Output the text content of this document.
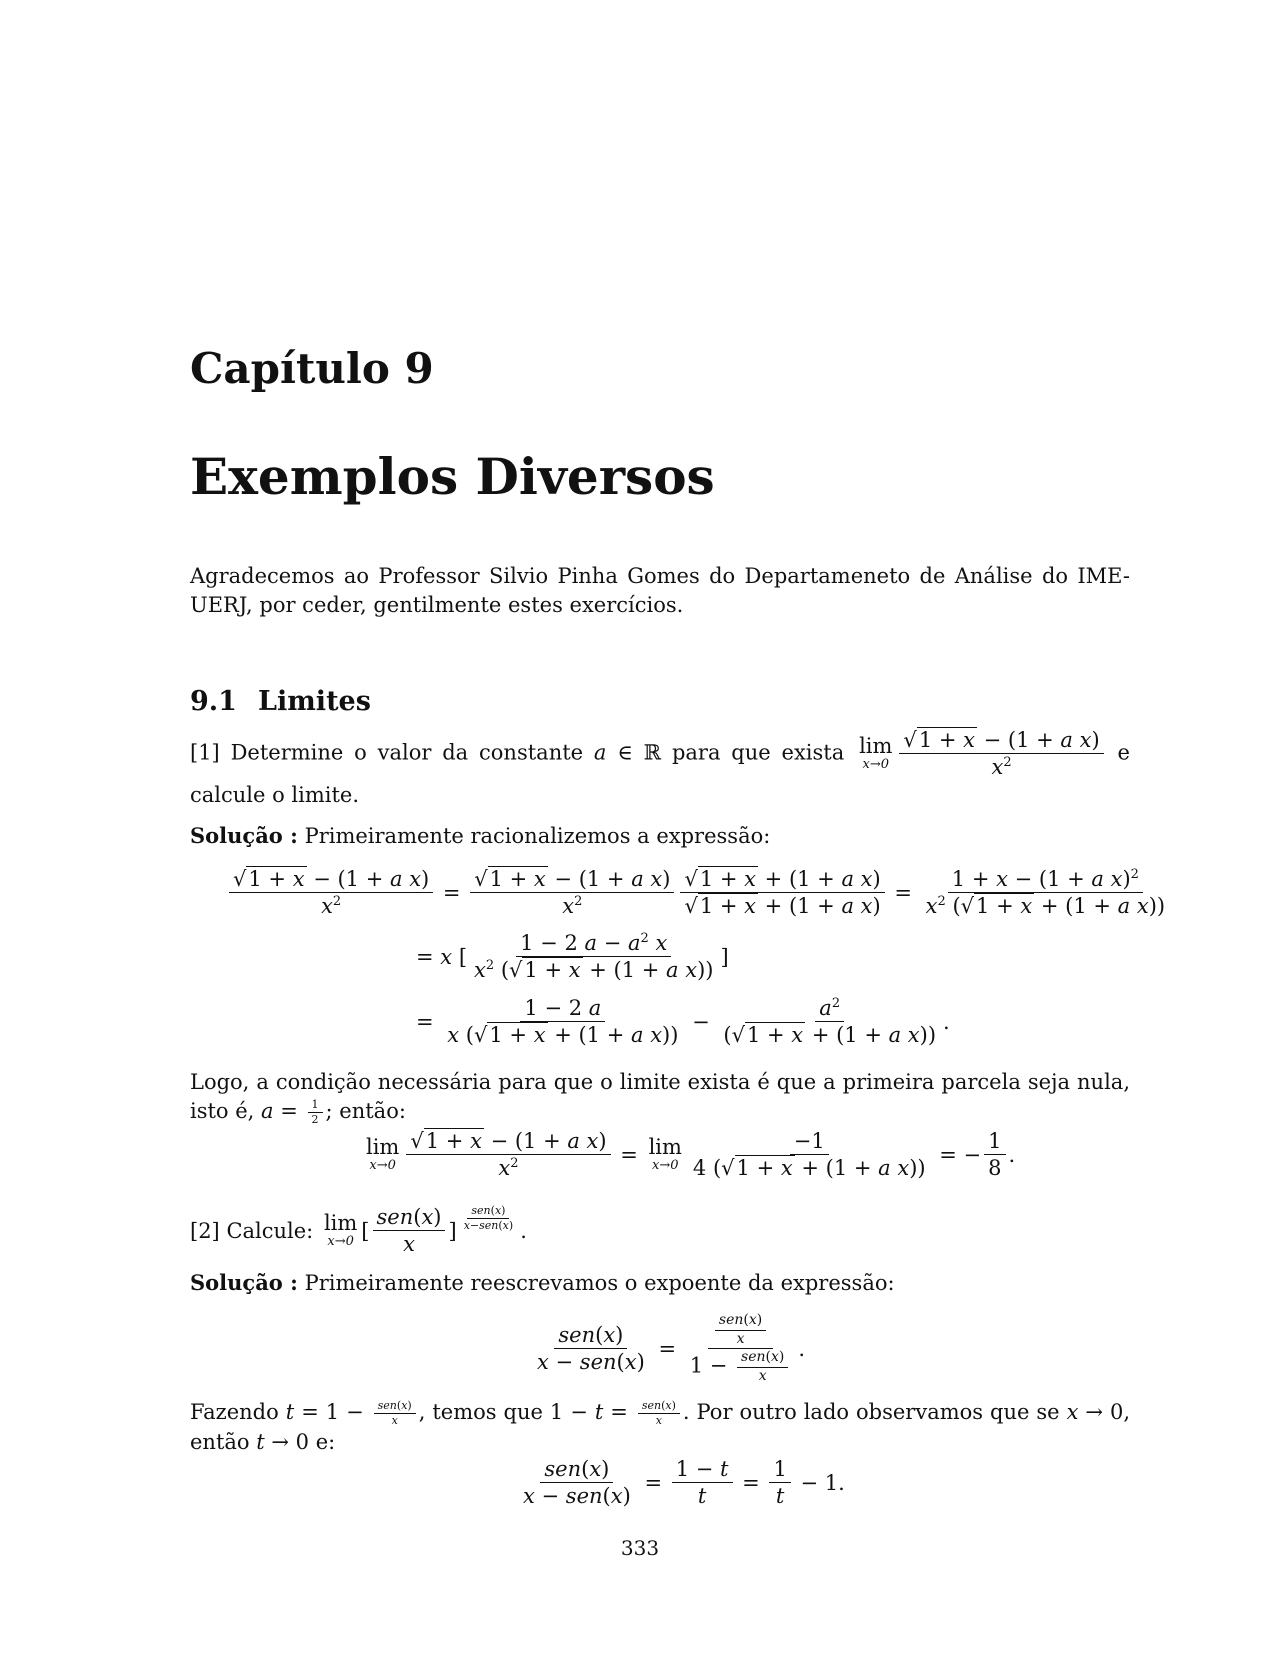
Capítulo 9
Exemplos Diversos
Agradecemos ao Professor Silvio Pinha Gomes do Departameneto de Análise do IME-UERJ, por ceder, gentilmente estes exercícios.
9.1 Limites
[1] Determine o valor da constante a ∈ ℝ para que exista lim
$x\to 0 \frac{\text{√1 + x − (1 + a x)}}{x^2}$ e calcule o limite.
Solução : Primeiramente racionalizemos a expressão:
$\frac{\text{√1 + x − (1 + a x)}}{x^2} = \frac{\text{√1 + x − (1 + a x)}}{x^2} \frac{\text{√1 + x + (1 + a x)}}{\text{√1 + x + (1 + a x)}} = \frac{1 + x - (1 + a x)^2}{x^2 (√1 + x + (1 + a x))}$
= x [ $\frac{1 - 2 a - a^2 x}{x^2 (√1 + x + (1 + a x))}$ ]
= $\frac{1 - 2 a}{\text{x (√1 + x + (1 + a x))}} - \frac{a^2}{\text{(√1 + x + (1 + a x))}}$ .
Logo, a condição necessária para que o limite exista é que a primeira parcela seja nula, isto é, $a = \frac{1}{2}$ ; então:
lim
$x\to 0 \frac{\text{√1 + x − (1 + a x)}}{x^2} = \lim$
$x\to 0 \frac{-1}{\text{4 (√1 + x + (1 + a x))}}$ = − $\frac{1}{8}$ .
[2]
Calcule:
lim
x→0 [ $\frac{\text{sen(x)}}{x}$ ] $\frac{\text{sen(x)}}{\text{x−sen(x)}}$ .
Solução : Primeiramente reescrevamos o expoente da expressão:
$\frac{\text{sen(x)}}{\text{x − sen(x)}} = \frac{\frac{\text{sen(x)}}{x}}{1 - \frac{\text{sen(x)}}{x}}$ .
Fazendo $t = 1 - \frac{\text{sen(x)}}{x}$ , temos que $1 - t = \frac{\text{sen(x)}}{x}$ . Por outro lado observamos que se x → 0, então t → 0 e:
$\frac{\text{sen(x)}}{\text{x − sen(x)}} = \frac{1 - t}{t} = \frac{1}{t} - 1$.
333
